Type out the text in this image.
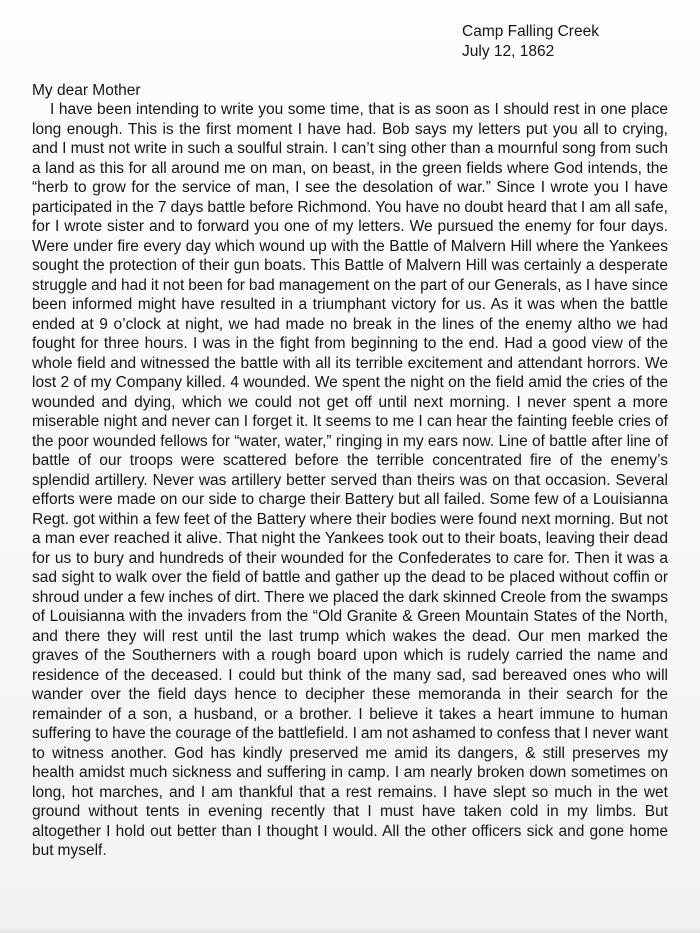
Camp Falling Creek
July 12, 1862
My dear Mother

I have been intending to write you some time, that is as soon as I should rest in one place long enough. This is the first moment I have had. Bob says my letters put you all to crying, and I must not write in such a soulful strain. I can’t sing other than a mournful song from such a land as this for all around me on man, on beast, in the green fields where God intends, the “herb to grow for the service of man, I see the desolation of war.” Since I wrote you I have participated in the 7 days battle before Richmond. You have no doubt heard that I am all safe, for I wrote sister and to forward you one of my letters. We pursued the enemy for four days. Were under fire every day which wound up with the Battle of Malvern Hill where the Yankees sought the protection of their gun boats. This Battle of Malvern Hill was certainly a desperate struggle and had it not been for bad management on the part of our Generals, as I have since been informed might have resulted in a triumphant victory for us. As it was when the battle ended at 9 o’clock at night, we had made no break in the lines of the enemy altho we had fought for three hours. I was in the fight from beginning to the end. Had a good view of the whole field and witnessed the battle with all its terrible excitement and attendant horrors. We lost 2 of my Company killed. 4 wounded. We spent the night on the field amid the cries of the wounded and dying, which we could not get off until next morning. I never spent a more miserable night and never can I forget it. It seems to me I can hear the fainting feeble cries of the poor wounded fellows for “water, water,” ringing in my ears now. Line of battle after line of battle of our troops were scattered before the terrible concentrated fire of the enemy’s splendid artillery. Never was artillery better served than theirs was on that occasion. Several efforts were made on our side to charge their Battery but all failed. Some few of a Louisianna Regt. got within a few feet of the Battery where their bodies were found next morning. But not a man ever reached it alive. That night the Yankees took out to their boats, leaving their dead for us to bury and hundreds of their wounded for the Confederates to care for. Then it was a sad sight to walk over the field of battle and gather up the dead to be placed without coffin or shroud under a few inches of dirt. There we placed the dark skinned Creole from the swamps of Louisianna with the invaders from the “Old Granite & Green Mountain States of the North, and there they will rest until the last trump which wakes the dead. Our men marked the graves of the Southerners with a rough board upon which is rudely carried the name and residence of the deceased. I could but think of the many sad, sad bereaved ones who will wander over the field days hence to decipher these memoranda in their search for the remainder of a son, a husband, or a brother. I believe it takes a heart immune to human suffering to have the courage of the battlefield. I am not ashamed to confess that I never want to witness another. God has kindly preserved me amid its dangers, & still preserves my health amidst much sickness and suffering in camp. I am nearly broken down sometimes on long, hot marches, and I am thankful that a rest remains. I have slept so much in the wet ground without tents in evening recently that I must have taken cold in my limbs. But altogether I hold out better than I thought I would. All the other officers sick and gone home but myself.
